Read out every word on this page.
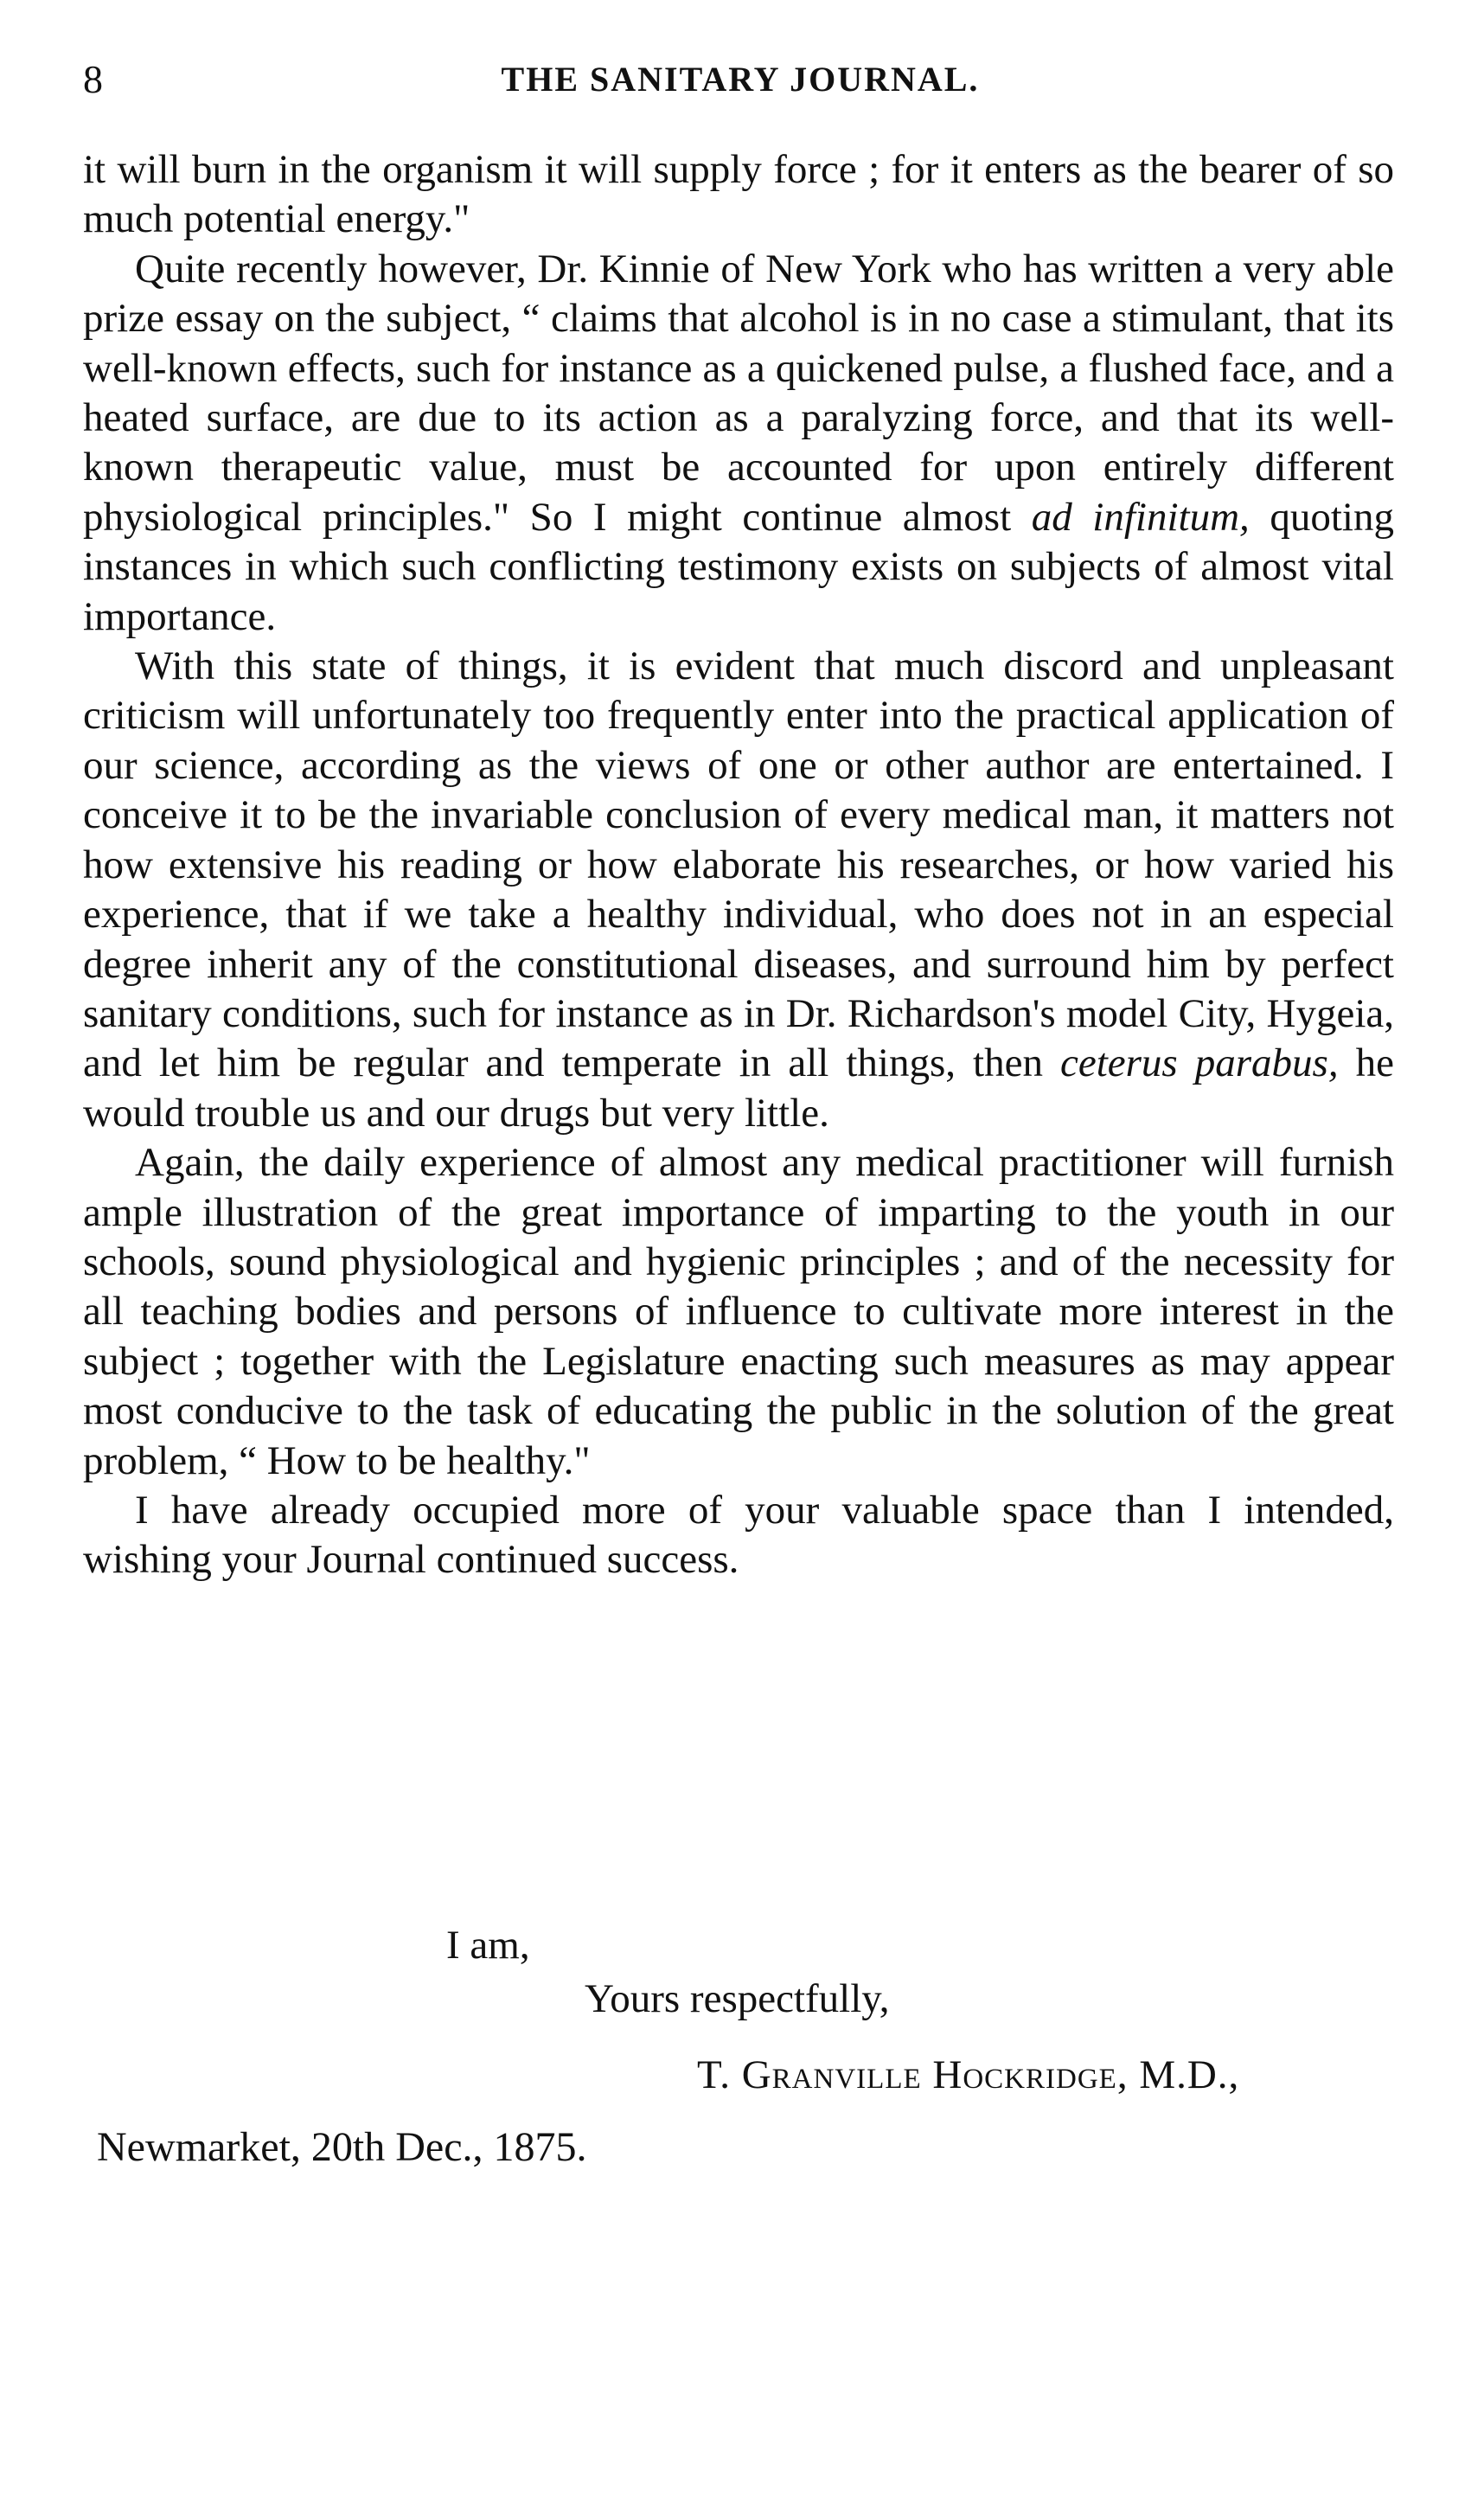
8	THE SANITARY JOURNAL.

it will burn in the organism it will supply force ; for it enters as the bearer of so much potential energy."

Quite recently however, Dr. Kinnie of New York who has written a very able prize essay on the subject, “ claims that alcohol is in no case a stimulant, that its well-known effects, such for instance as a quickened pulse, a flushed face, and a heated surface, are due to its action as a paralyzing force, and that its well-known therapeutic value, must be accounted for upon entirely different physiological principles." So I might continue almost ad infinitum, quoting instances in which such conflicting testimony exists on subjects of almost vital importance.

With this state of things, it is evident that much discord and unpleasant criticism will unfortunately too frequently enter into the practical application of our science, according as the views of one or other author are entertained. I conceive it to be the invariable conclusion of every medical man, it matters not how extensive his reading or how elaborate his researches, or how varied his experience, that if we take a healthy individual, who does not in an especial degree inherit any of the constitutional diseases, and surround him by perfect sanitary conditions, such for instance as in Dr. Richardson's model City, Hygeia, and let him be regular and temperate in all things, then ceterus parabus, he would trouble us and our drugs but very little.

Again, the daily experience of almost any medical practitioner will furnish ample illustration of the great importance of imparting to the youth in our schools, sound physiological and hygienic principles ; and of the necessity for all teaching bodies and persons of influence to cultivate more interest in the subject ; together with the Legislature enacting such measures as may appear most conducive to the task of educating the public in the solution of the great problem, “ How to be healthy."

I have already occupied more of your valuable space than I intended, wishing your Journal continued success.

I am,
Yours respectfully,
T. Granville Hockridge, M.D.,
Newmarket, 20th Dec., 1875.
